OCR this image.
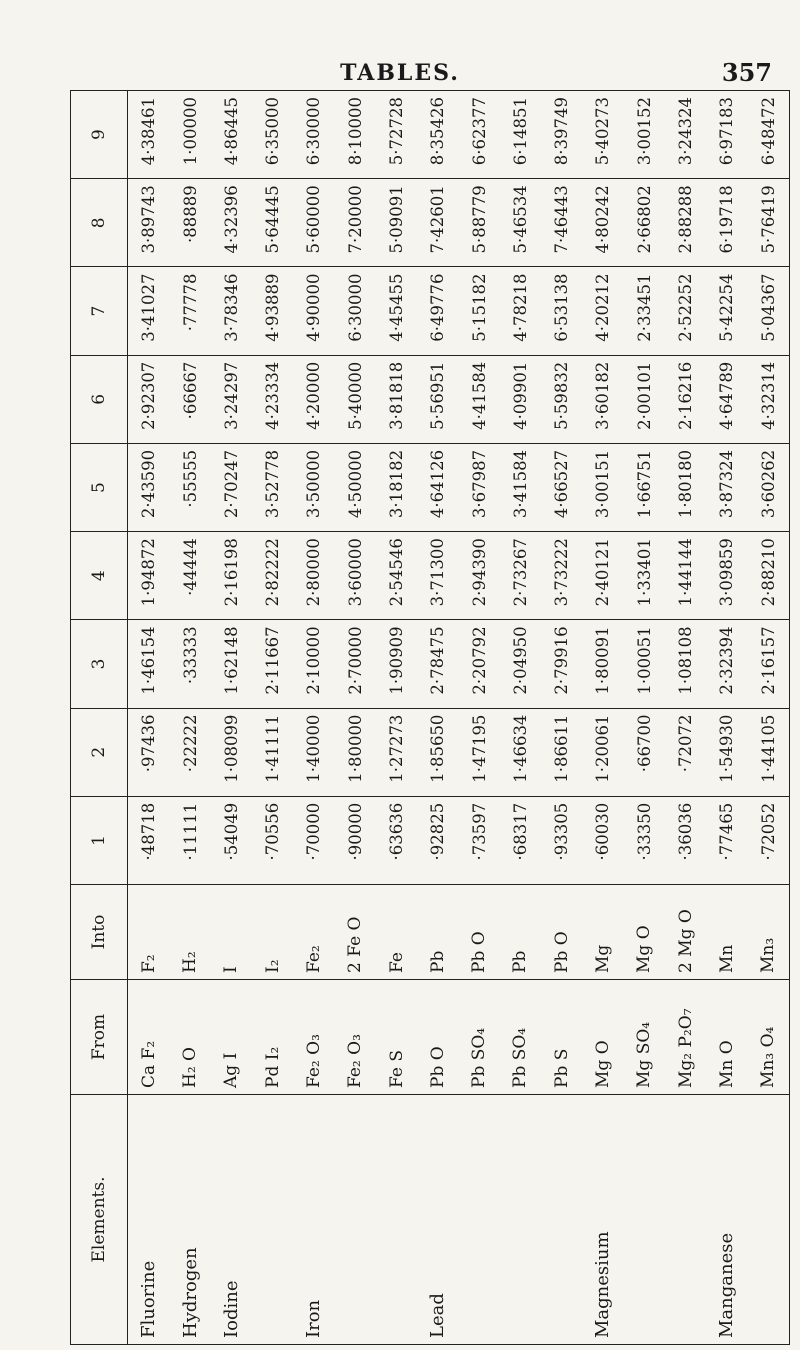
TABLES.	357
Elements.	From	Into	1	2	3	4	5	6	7	8	9
Fluorine	Ca F₂	F₂	·48718	·97436	1·46154	1·94872	2·43590	2·92307	3·41027	3·89743	4·38461
Hydrogen	H₂ O	H₂	·11111	·22222	·33333	·44444	·55555	·66667	·77778	·88889	1·00000
Iodine	Ag I	I	·54049	1·08099	1·62148	2·16198	2·70247	3·24297	3·78346	4·32396	4·86445
	Pd I₂	I₂	·70556	1·41111	2·11667	2·82222	3·52778	4·23334	4·93889	5·64445	6·35000
Iron	Fe₂ O₃	Fe₂	·70000	1·40000	2·10000	2·80000	3·50000	4·20000	4·90000	5·60000	6·30000
	Fe₂ O₃	2 Fe O	·90000	1·80000	2·70000	3·60000	4·50000	5·40000	6·30000	7·20000	8·10000
	Fe S	Fe	·63636	1·27273	1·90909	2·54546	3·18182	3·81818	4·45455	5·09091	5·72728
Lead	Pb O	Pb	·92825	1·85650	2·78475	3·71300	4·64126	5·56951	6·49776	7·42601	8·35426
	Pb SO₄	Pb O	·73597	1·47195	2·20792	2·94390	3·67987	4·41584	5·15182	5·88779	6·62377
	Pb SO₄	Pb	·68317	1·46634	2·04950	2·73267	3·41584	4·09901	4·78218	5·46534	6·14851
	Pb S	Pb O	·93305	1·86611	2·79916	3·73222	4·66527	5·59832	6·53138	7·46443	8·39749
Magnesium	Mg O	Mg	·60030	1·20061	1·80091	2·40121	3·00151	3·60182	4·20212	4·80242	5·40273
	Mg SO₄	Mg O	·33350	·66700	1·00051	1·33401	1·66751	2·00101	2·33451	2·66802	3·00152
	Mg₂ P₂O₇	2 Mg O	·36036	·72072	1·08108	1·44144	1·80180	2·16216	2·52252	2·88288	3·24324
Manganese	Mn O	Mn	·77465	1·54930	2·32394	3·09859	3·87324	4·64789	5·42254	6·19718	6·97183
	Mn₃ O₄	Mn₃	·72052	1·44105	2·16157	2·88210	3·60262	4·32314	5·04367	5·76419	6·48472
